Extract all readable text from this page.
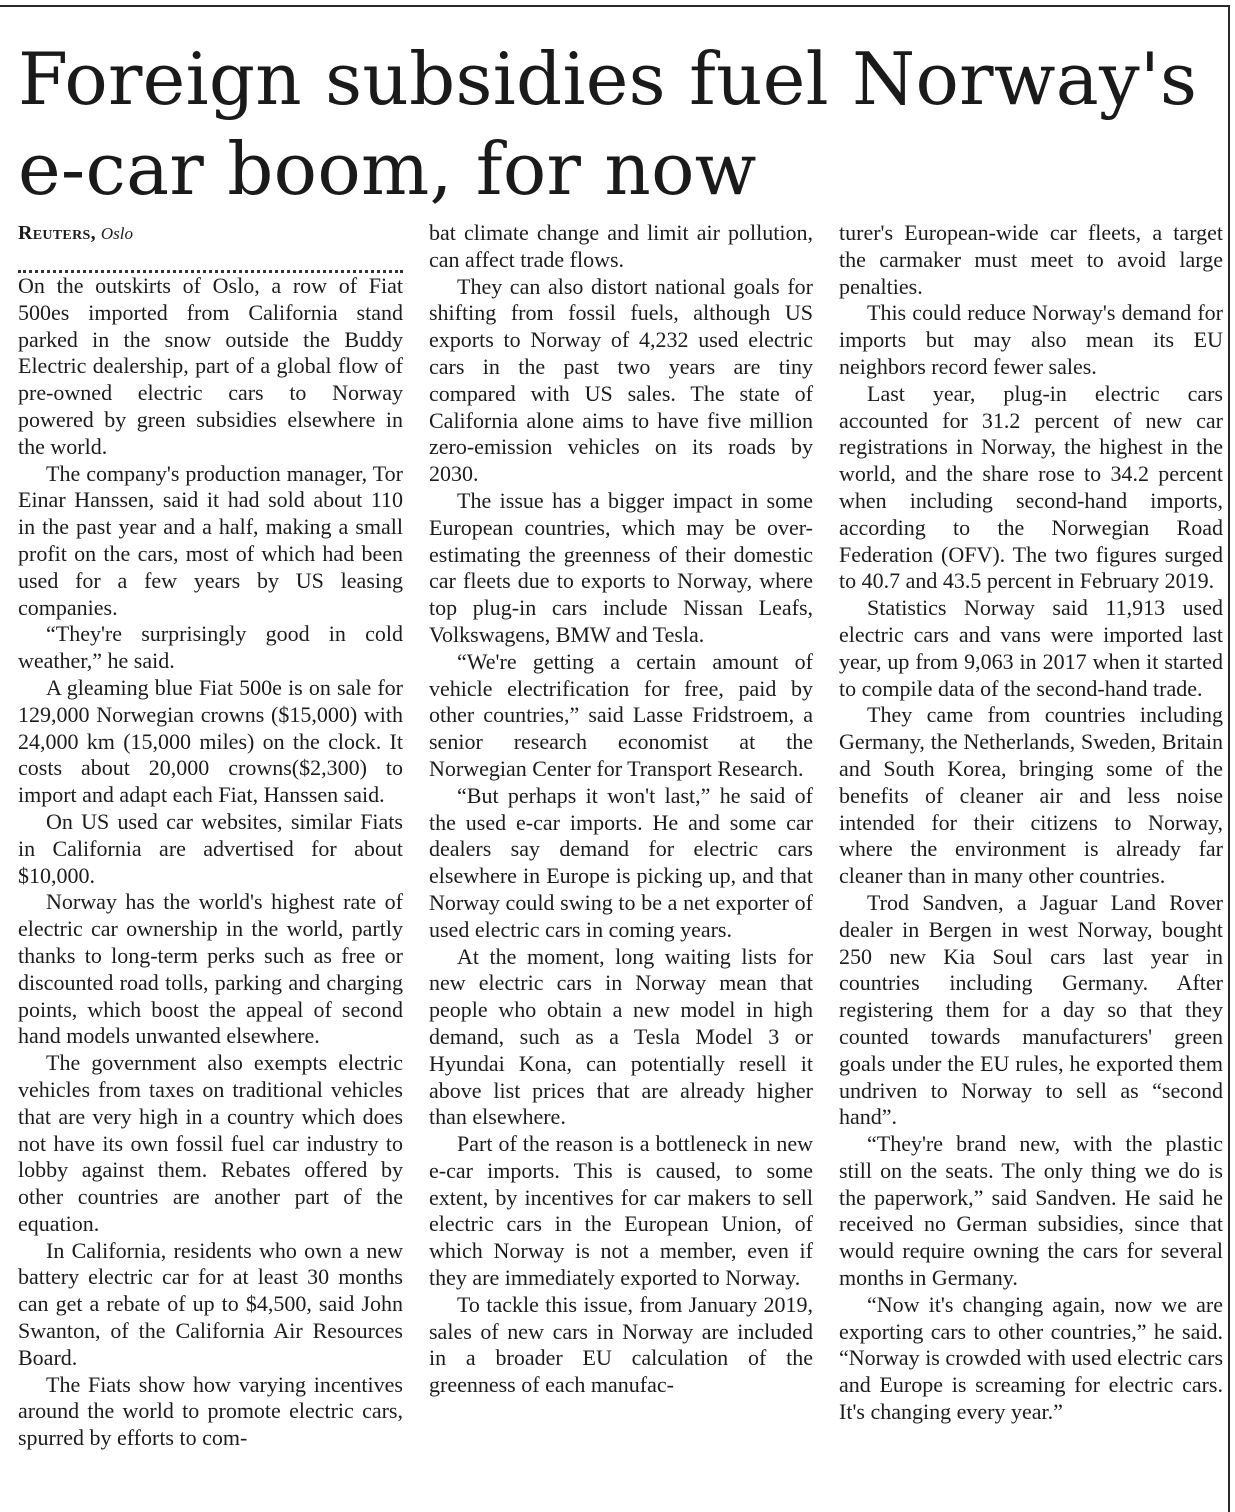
Foreign subsidies fuel Norway's e-car boom, for now
Reuters, Oslo

On the outskirts of Oslo, a row of Fiat 500es imported from California stand parked in the snow outside the Buddy Electric dealership, part of a global flow of pre-owned electric cars to Norway powered by green subsidies elsewhere in the world.

The company's production manager, Tor Einar Hanssen, said it had sold about 110 in the past year and a half, making a small profit on the cars, most of which had been used for a few years by US leasing companies.

“They're surprisingly good in cold weather,” he said.

A gleaming blue Fiat 500e is on sale for 129,000 Norwegian crowns ($15,000) with 24,000 km (15,000 miles) on the clock. It costs about 20,000 crowns($2,300) to import and adapt each Fiat, Hanssen said.

On US used car websites, similar Fiats in California are advertised for about $10,000.

Norway has the world's highest rate of electric car ownership in the world, partly thanks to long-term perks such as free or discounted road tolls, parking and charging points, which boost the appeal of second hand models unwanted elsewhere.

The government also exempts electric vehicles from taxes on traditional vehicles that are very high in a country which does not have its own fossil fuel car industry to lobby against them. Rebates offered by other countries are another part of the equation.

In California, residents who own a new battery electric car for at least 30 months can get a rebate of up to $4,500, said John Swanton, of the California Air Resources Board.

The Fiats show how varying incentives around the world to promote electric cars, spurred by efforts to com-

bat climate change and limit air pollution, can affect trade flows.

They can also distort national goals for shifting from fossil fuels, although US exports to Norway of 4,232 used electric cars in the past two years are tiny compared with US sales. The state of California alone aims to have five million zero-emission vehicles on its roads by 2030.

The issue has a bigger impact in some European countries, which may be over-estimating the greenness of their domestic car fleets due to exports to Norway, where top plug-in cars include Nissan Leafs, Volkswagens, BMW and Tesla.

“We're getting a certain amount of vehicle electrification for free, paid by other countries,” said Lasse Fridstroem, a senior research economist at the Norwegian Center for Transport Research.

“But perhaps it won't last,” he said of the used e-car imports. He and some car dealers say demand for electric cars elsewhere in Europe is picking up, and that Norway could swing to be a net exporter of used electric cars in coming years.

At the moment, long waiting lists for new electric cars in Norway mean that people who obtain a new model in high demand, such as a Tesla Model 3 or Hyundai Kona, can potentially resell it above list prices that are already higher than elsewhere.

Part of the reason is a bottleneck in new e-car imports. This is caused, to some extent, by incentives for car makers to sell electric cars in the European Union, of which Norway is not a member, even if they are immediately exported to Norway.

To tackle this issue, from January 2019, sales of new cars in Norway are included in a broader EU calculation of the greenness of each manufac-

turer's European-wide car fleets, a target the carmaker must meet to avoid large penalties.

This could reduce Norway's demand for imports but may also mean its EU neighbors record fewer sales.

Last year, plug-in electric cars accounted for 31.2 percent of new car registrations in Norway, the highest in the world, and the share rose to 34.2 percent when including second-hand imports, according to the Norwegian Road Federation (OFV). The two figures surged to 40.7 and 43.5 percent in February 2019.

Statistics Norway said 11,913 used electric cars and vans were imported last year, up from 9,063 in 2017 when it started to compile data of the second-hand trade.

They came from countries including Germany, the Netherlands, Sweden, Britain and South Korea, bringing some of the benefits of cleaner air and less noise intended for their citizens to Norway, where the environment is already far cleaner than in many other countries.

Trod Sandven, a Jaguar Land Rover dealer in Bergen in west Norway, bought 250 new Kia Soul cars last year in countries including Germany. After registering them for a day so that they counted towards manufacturers' green goals under the EU rules, he exported them undriven to Norway to sell as “second hand”.

“They're brand new, with the plastic still on the seats. The only thing we do is the paperwork,” said Sandven. He said he received no German subsidies, since that would require owning the cars for several months in Germany.

“Now it's changing again, now we are exporting cars to other countries,” he said. “Norway is crowded with used electric cars and Europe is screaming for electric cars. It's changing every year.”
